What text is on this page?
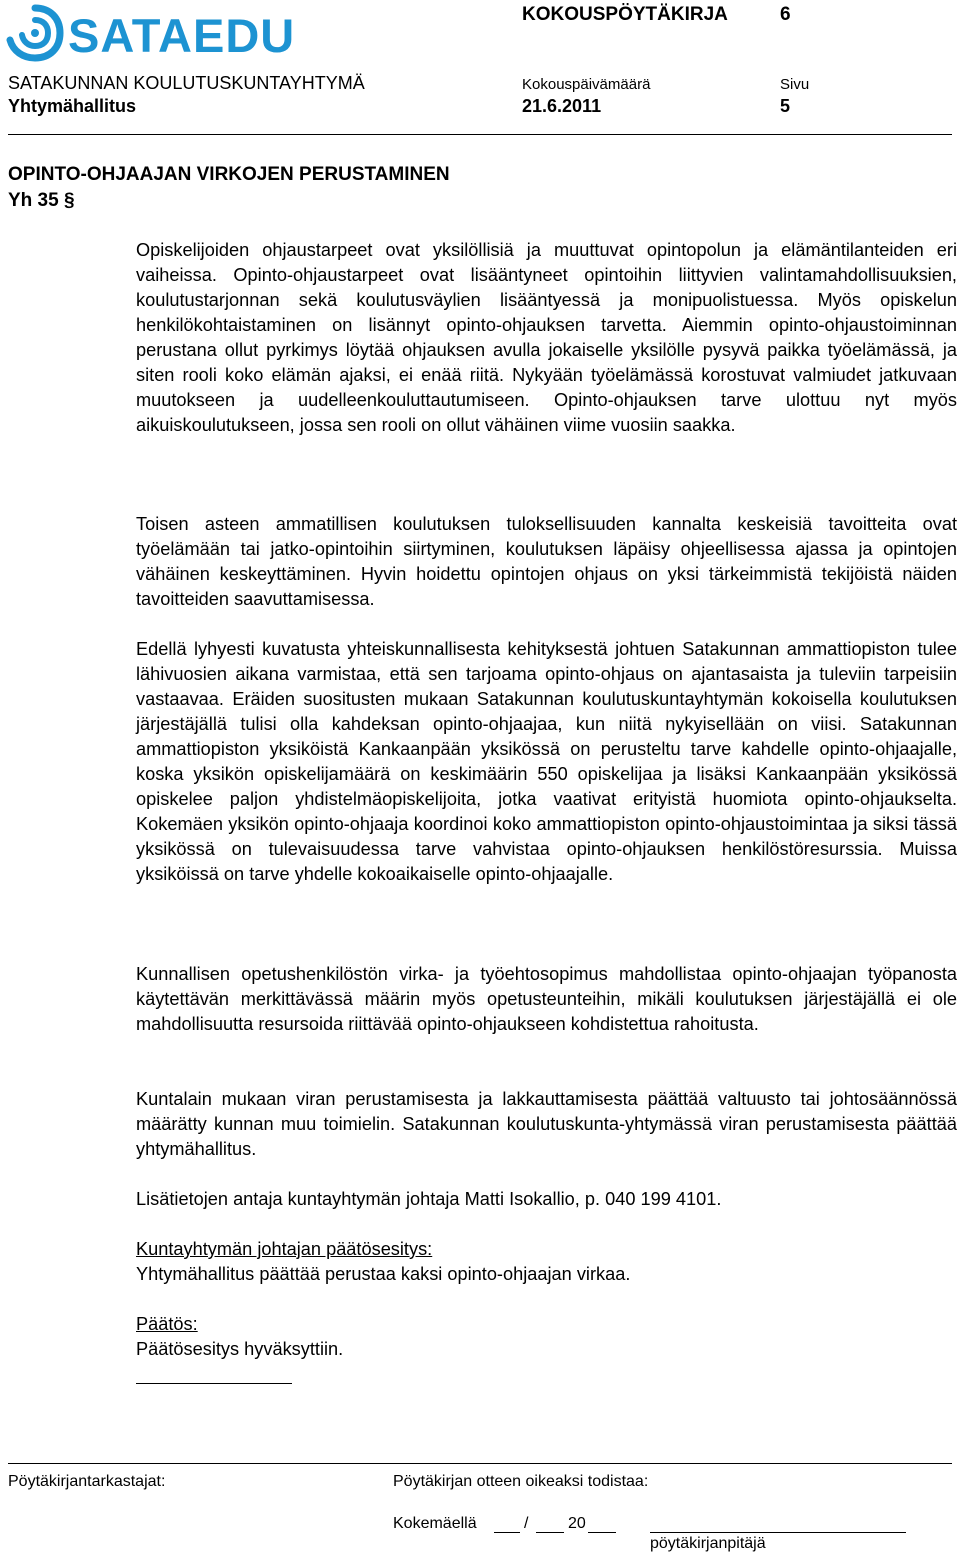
SATAEDU	KOKOUSPÖYTÄKIRJA	6
SATAKUNNAN KOULUTUSKUNTAYHTYMÄ	Kokouspäivämäärä	Sivu
Yhtymähallitus	21.6.2011	5
OPINTO-OHJAAJAN VIRKOJEN PERUSTAMINEN
Yh 35 §

Opiskelijoiden ohjaustarpeet ovat yksilöllisiä ja muuttuvat opintopolun ja elämäntilanteiden eri vaiheissa. Opinto-ohjaustarpeet ovat lisääntyneet opintoihin liittyvien valintamahdollisuuksien, koulutustarjonnan sekä koulutusväylien lisääntyessä ja monipuolistuessa. Myös opiskelun henkilökohtaistaminen on lisännyt opinto-ohjauksen tarvetta. Aiemmin opinto-ohjaustoiminnan perustana ollut pyrkimys löytää ohjauksen avulla jokaiselle yksilölle pysyvä paikka työelämässä, ja siten rooli koko elämän ajaksi, ei enää riitä. Nykyään työelämässä korostuvat valmiudet jatkuvaan muutokseen ja uudelleenkouluttautumiseen. Opinto-ohjauksen tarve ulottuu nyt myös aikuiskoulutukseen, jossa sen rooli on ollut vähäinen viime vuosiin saakka.

Toisen asteen ammatillisen koulutuksen tuloksellisuuden kannalta keskeisiä tavoitteita ovat työelämään tai jatko-opintoihin siirtyminen, koulutuksen läpäisy ohjeellisessa ajassa ja opintojen vähäinen keskeyttäminen. Hyvin hoidettu opintojen ohjaus on yksi tärkeimmistä tekijöistä näiden tavoitteiden saavuttamisessa.

Edellä lyhyesti kuvatusta yhteiskunnallisesta kehityksestä johtuen Satakunnan ammattiopiston tulee lähivuosien aikana varmistaa, että sen tarjoama opinto-ohjaus on ajantasaista ja tuleviin tarpeisiin vastaavaa. Eräiden suositusten mukaan Satakunnan koulutuskuntayhtymän kokoisella koulutuksen järjestäjällä tulisi olla kahdeksan opinto-ohjaajaa, kun niitä nykyisellään on viisi. Satakunnan ammattiopiston yksiköistä Kankaanpään yksikössä on perusteltu tarve kahdelle opinto-ohjaajalle, koska yksikön opiskelijamäärä on keskimäärin 550 opiskelijaa ja lisäksi Kankaanpään yksikössä opiskelee paljon yhdistelmäopiskelijoita, jotka vaativat erityistä huomiota opinto-ohjaukselta. Kokemäen yksikön opinto-ohjaaja koordinoi koko ammattiopiston opinto-ohjaustoimintaa ja siksi tässä yksikössä on tulevaisuudessa tarve vahvistaa opinto-ohjauksen henkilöstöresurssia. Muissa yksiköissä on tarve yhdelle kokoaikaiselle opinto-ohjaajalle.

Kunnallisen opetushenkilöstön virka- ja työehtosopimus mahdollistaa opinto-ohjaajan työpanosta käytettävän merkittävässä määrin myös opetusteunteihin, mikäli koulutuksen järjestäjällä ei ole mahdollisuutta resursoida riittävää opinto-ohjaukseen kohdistettua rahoitusta.

Kuntalain mukaan viran perustamisesta ja lakkauttamisesta päättää valtuusto tai johtosäännössä määrätty kunnan muu toimielin. Satakunnan koulutuskunta-yhtymässä viran perustamisesta päättää yhtymähallitus.

Lisätietojen antaja kuntayhtymän johtaja Matti Isokallio, p. 040 199 4101.

Kuntayhtymän johtajan päätösesitys:

Yhtymähallitus päättää perustaa kaksi opinto-ohjaajan virkaa.

Päätös:

Päätösesitys hyväksyttiin.

Pöytäkirjantarkastajat:	Pöytäkirjan otteen oikeaksi todistaa:
Kokemäellä	/ 20
pöytäkirjanpitäjä
